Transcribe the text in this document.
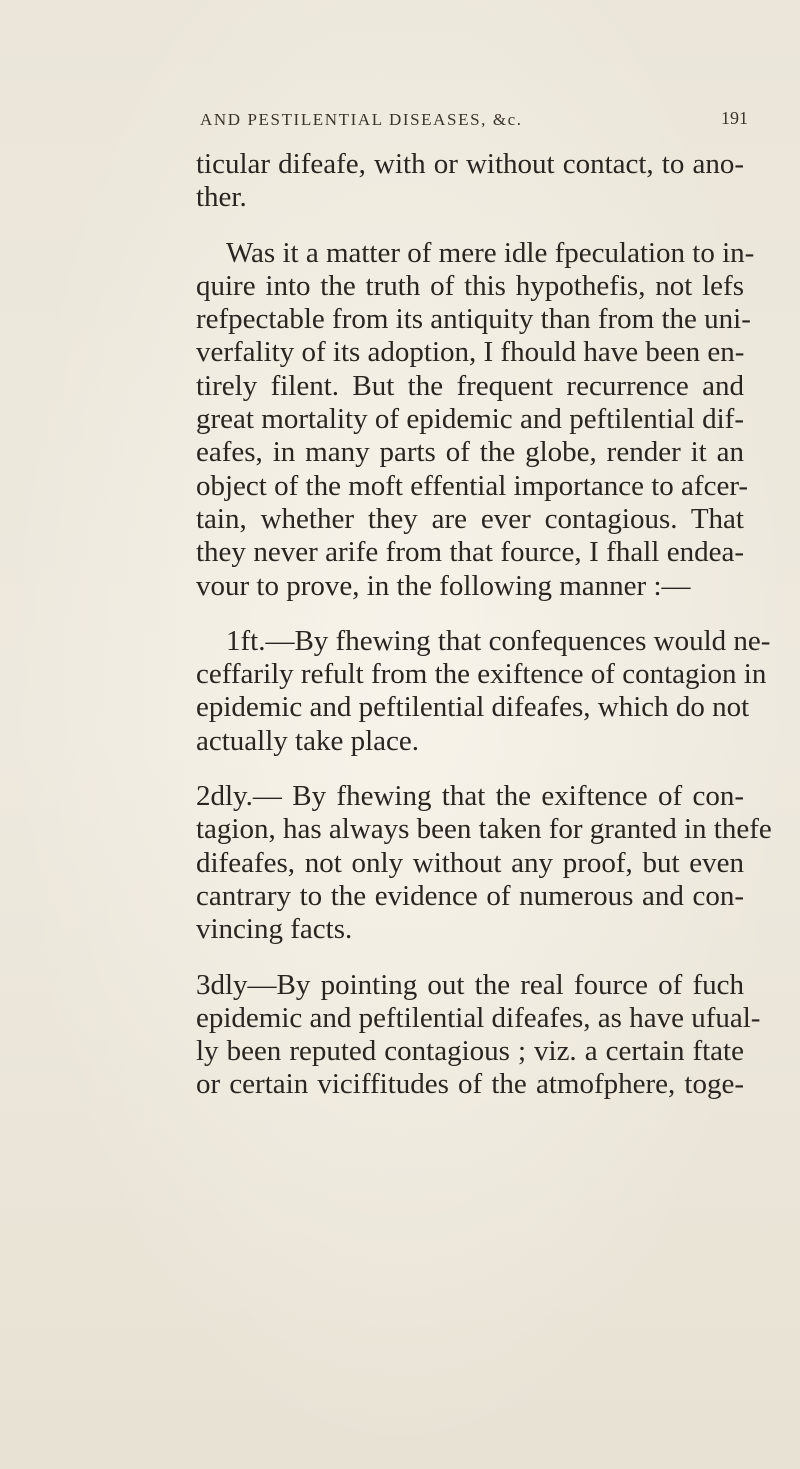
AND PESTILENTIAL DISEASES, &c.	191
ticular difeafe, with or without contact, to ano-
ther.
Was it a matter of mere idle fpeculation to in-
quire into the truth of this hypothefis, not lefs
refpectable from its antiquity than from the uni-
verfality of its adoption, I fhould have been en-
tirely filent. But the frequent recurrence and
great mortality of epidemic and peftilential dif-
eafes, in many parts of the globe, render it an
object of the moft effential importance to afcer-
tain, whether they are ever contagious. That
they never arife from that fource, I fhall endea-
vour to prove, in the following manner :—
1ft.—By fhewing that confequences would ne-
ceffarily refult from the exiftence of contagion in
epidemic and peftilential difeafes, which do not
actually take place.
2dly.— By fhewing that the exiftence of con-
tagion, has always been taken for granted in thefe
difeafes, not only without any proof, but even
cantrary to the evidence of numerous and con-
vincing facts.
3dly—By pointing out the real fource of fuch
epidemic and peftilential difeafes, as have ufual-
ly been reputed contagious ; viz. a certain ftate
or certain viciffitudes of the atmofphere, toge-
